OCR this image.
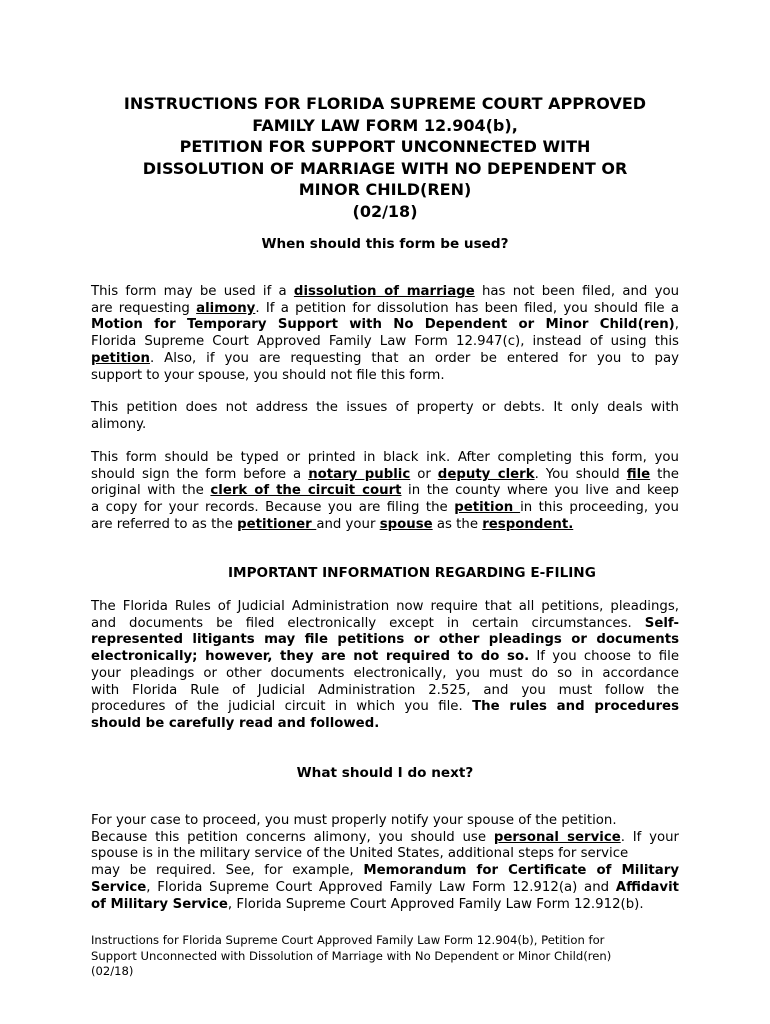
INSTRUCTIONS FOR FLORIDA SUPREME COURT APPROVED
FAMILY LAW FORM 12.904(b),
PETITION FOR SUPPORT UNCONNECTED WITH
DISSOLUTION OF MARRIAGE WITH NO DEPENDENT OR
MINOR CHILD(REN)
(02/18)
When should this form be used?
This form may be used if a dissolution of marriage has not been filed, and you
are requesting alimony. If a petition for dissolution has been filed, you should file a
Motion for Temporary Support with No Dependent or Minor Child(ren),
Florida Supreme Court Approved Family Law Form 12.947(c), instead of using this
petition. Also, if you are requesting that an order be entered for you to pay
support to your spouse, you should not file this form.
This petition does not address the issues of property or debts. It only deals with
alimony.
This form should be typed or printed in black ink. After completing this form, you
should sign the form before a notary public or deputy clerk. You should file the
original with the clerk of the circuit court in the county where you live and keep
a copy for your records. Because you are filing the petition in this proceeding, you
are referred to as the petitioner and your spouse as the respondent.
IMPORTANT INFORMATION REGARDING E-FILING
The Florida Rules of Judicial Administration now require that all petitions, pleadings,
and documents be filed electronically except in certain circumstances. Self-
represented litigants may file petitions or other pleadings or documents
electronically; however, they are not required to do so. If you choose to file
your pleadings or other documents electronically, you must do so in accordance
with Florida Rule of Judicial Administration 2.525, and you must follow the
procedures of the judicial circuit in which you file. The rules and procedures
should be carefully read and followed.
What should I do next?
For your case to proceed, you must properly notify your spouse of the petition.
Because this petition concerns alimony, you should use personal service. If your
spouse is in the military service of the United States, additional steps for service
may be required. See, for example, Memorandum for Certificate of Military
Service, Florida Supreme Court Approved Family Law Form 12.912(a) and Affidavit
of Military Service, Florida Supreme Court Approved Family Law Form 12.912(b).
Instructions for Florida Supreme Court Approved Family Law Form 12.904(b), Petition for
Support Unconnected with Dissolution of Marriage with No Dependent or Minor Child(ren)
(02/18)
